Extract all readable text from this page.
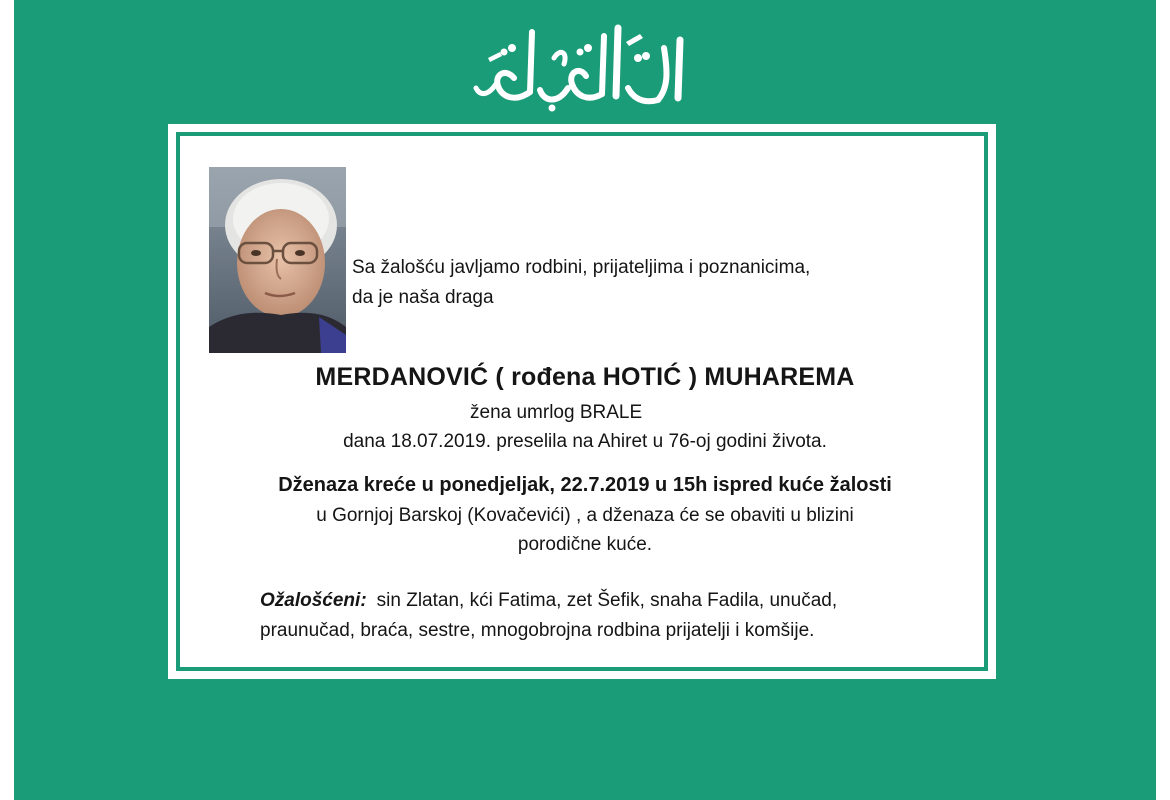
Sa žalošću javljamo rodbini, prijateljima i poznanicima,
da je naša draga
MERDANOVIĆ ( rođena HOTIĆ ) MUHAREMA
žena umrlog BRALE
dana 18.07.2019. preselila na Ahiret u 76-oj godini života.
Dženaza kreće u ponedjeljak, 22.7.2019 u 15h ispred kuće žalosti
u Gornjoj Barskoj (Kovačevići) , a dženaza će se obaviti u blizini
porodične kuće.
Ožalošćeni: sin Zlatan, kći Fatima, zet Šefik, snaha Fadila, unučad,
praunučad, braća, sestre, mnogobrojna rodbina prijatelji i komšije.
